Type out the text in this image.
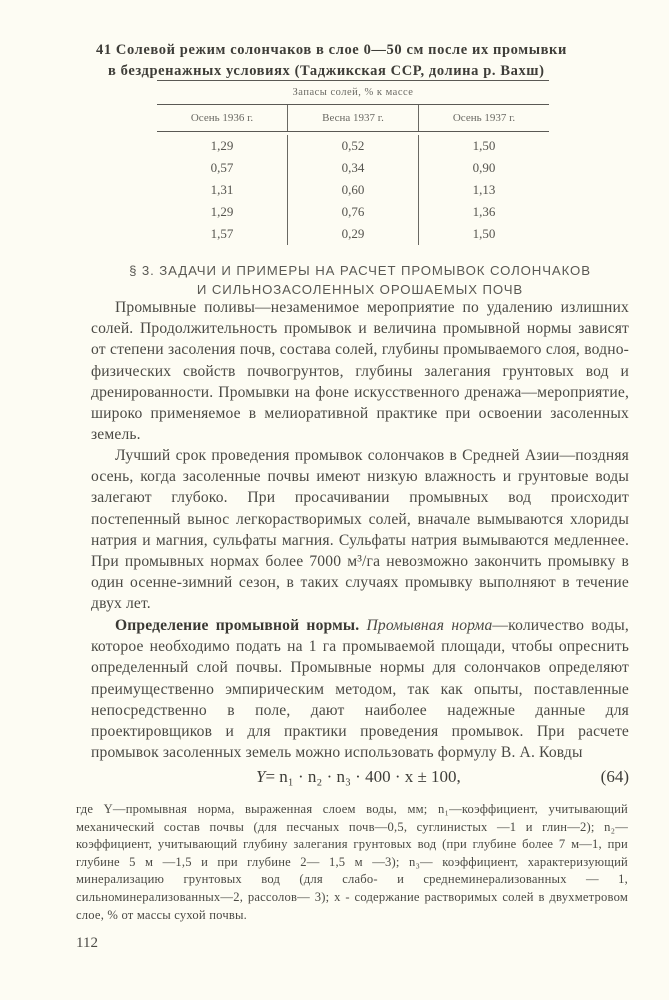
41 Солевой режим солончаков в слое 0—50 см после их промывки
в бездренажных условиях (Таджикская ССР, долина р. Вахш)
Запасы солей, % к массе
Осень 1936 г.	Весна 1937 г.	Осень 1937 г.
1,29	0,52	1,50
0,57	0,34	0,90
1,31	0,60	1,13
1,29	0,76	1,36
1,57	0,29	1,50
§ 3. ЗАДАЧИ И ПРИМЕРЫ НА РАСЧЕТ ПРОМЫВОК СОЛОНЧАКОВ
И СИЛЬНОЗАСОЛЕННЫХ ОРОШАЕМЫХ ПОЧВ

Промывные поливы—незаменимое мероприятие по удалению излишних солей. Продолжительность промывок и величина промывной нормы зависят от степени засоления почв, состава солей, глубины промываемого слоя, водно-физических свойств почвогрунтов, глубины залегания грунтовых вод и дренированности. Промывки на фоне искусственного дренажа—мероприятие, широко применяемое в мелиоративной практике при освоении засоленных земель.

Лучший срок проведения промывок солончаков в Средней Азии—поздняя осень, когда засоленные почвы имеют низкую влажность и грунтовые воды залегают глубоко. При просачивании промывных вод происходит постепенный вынос легкорастворимых солей, вначале вымываются хлориды натрия и магния, сульфаты магния. Сульфаты натрия вымываются медленнее. При промывных нормах более 7000 м³/га невозможно закончить промывку в один осенне-зимний сезон, в таких случаях промывку выполняют в течение двух лет.

Определение промывной нормы. Промывная норма—количество воды, которое необходимо подать на 1 га промываемой площади, чтобы опреснить определенный слой почвы. Промывные нормы для солончаков определяют преимущественно эмпирическим методом, так как опыты, поставленные непосредственно в поле, дают наиболее надежные данные для проектировщиков и для практики проведения промывок. При расчете промывок засоленных земель можно использовать формулу В. А. Ковды

Y= n₁ · n₂ · n₃ · 400 · x ± 100,	(64)

где Y—промывная норма, выраженная слоем воды, мм; n₁—коэффициент, учитывающий механический состав почвы (для песчаных почв—0,5, суглинистых —1 и глин—2); n₂—коэффициент, учитывающий глубину залегания грунтовых вод (при глубине более 7 м—1, при глубине 5 м —1,5 и при глубине 2— 1,5 м —3); n₃— коэффициент, характеризующий минерализацию грунтовых вод (для слабо- и среднеминерализованных — 1, сильноминерализованных—2, рассолов— 3); x - содержание растворимых солей в двухметровом слое, % от массы сухой почвы.

112
